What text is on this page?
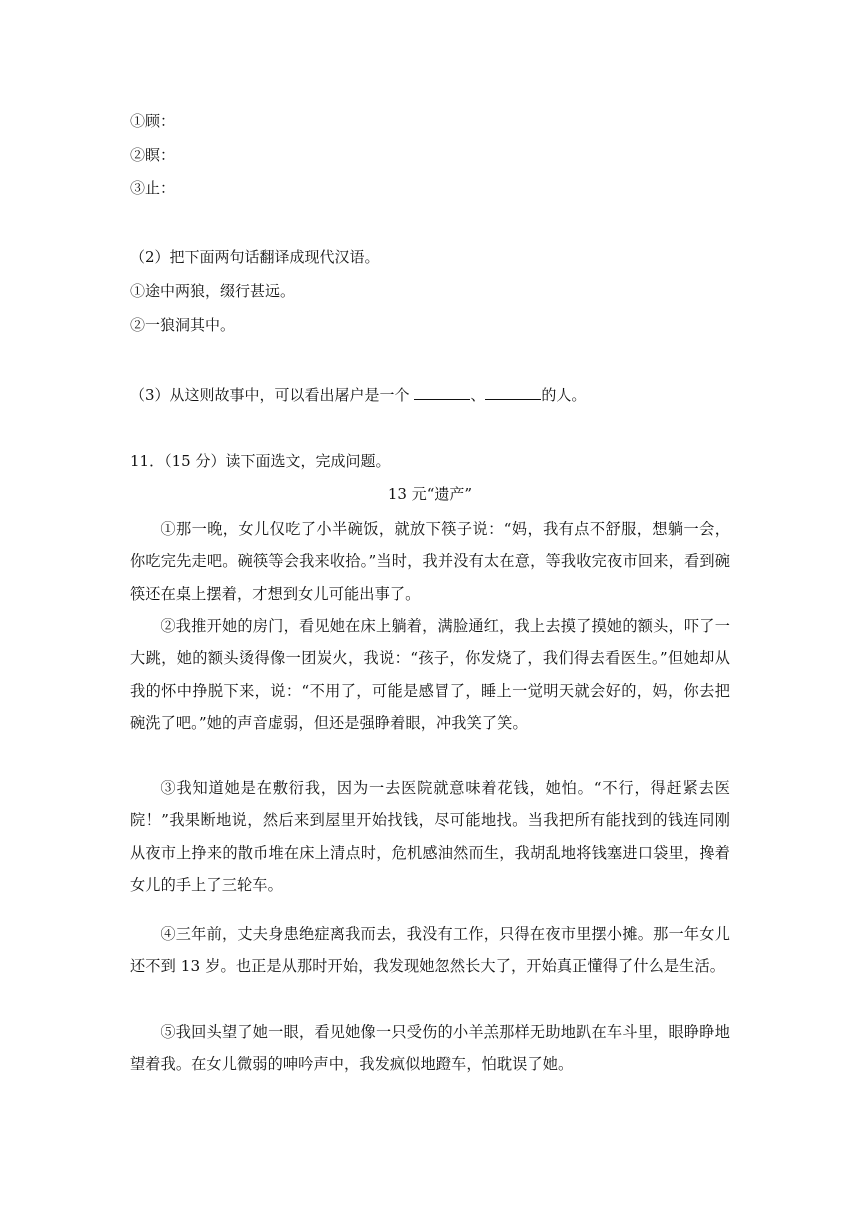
①顾：
②瞑：
③止：
（2）把下面两句话翻译成现代汉语。
①途中两狼，缀行甚远。
②一狼洞其中。
（3）从这则故事中，可以看出屠户是一个	、	的人。
11．（15 分）读下面选文，完成问题。
13 元“遗产”
①那一晚，女儿仅吃了小半碗饭，就放下筷子说：“妈，我有点不舒服，想躺一会，你吃完先走吧。碗筷等会我来收拾。”当时，我并没有太在意，等我收完夜市回来，看到碗筷还在桌上摆着，才想到女儿可能出事了。
②我推开她的房门，看见她在床上躺着，满脸通红，我上去摸了摸她的额头，吓了一大跳，她的额头烫得像一团炭火，我说：“孩子，你发烧了，我们得去看医生。”但她却从我的怀中挣脱下来，说：“不用了，可能是感冒了，睡上一觉明天就会好的，妈，你去把碗洗了吧。”她的声音虚弱，但还是强睁着眼，冲我笑了笑。
③我知道她是在敷衍我，因为一去医院就意味着花钱，她怕。“不行，得赶紧去医院！”我果断地说，然后来到屋里开始找钱，尽可能地找。当我把所有能找到的钱连同刚从夜市上挣来的散币堆在床上清点时，危机感油然而生，我胡乱地将钱塞进口袋里，搀着女儿的手上了三轮车。
④三年前，丈夫身患绝症离我而去，我没有工作，只得在夜市里摆小摊。那一年女儿还不到 13 岁。也正是从那时开始，我发现她忽然长大了，开始真正懂得了什么是生活。
⑤我回头望了她一眼，看见她像一只受伤的小羊羔那样无助地趴在车斗里，眼睁睁地望着我。在女儿微弱的呻吟声中，我发疯似地蹬车，怕耽误了她。
